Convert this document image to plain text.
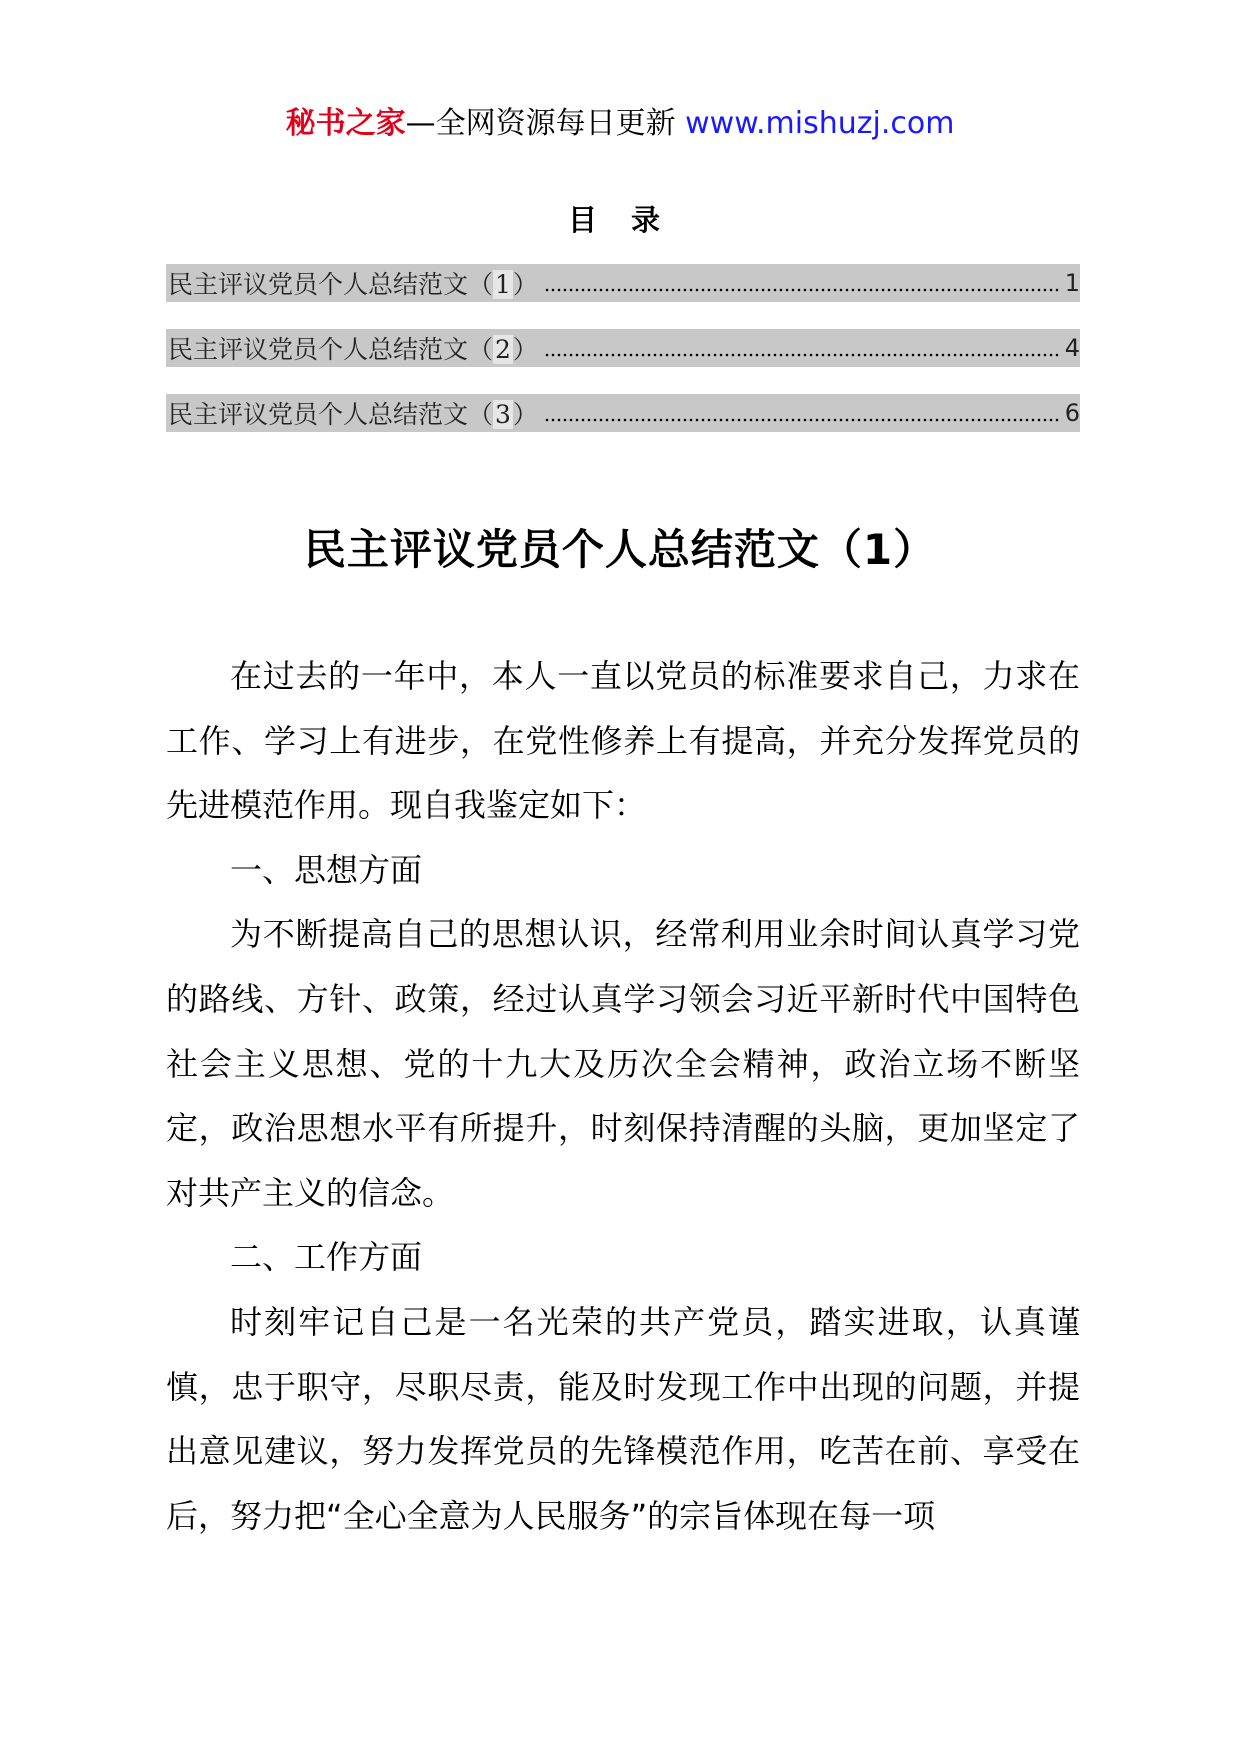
秘书之家—全网资源每日更新 www.mishuzj.com
目 录
民主评议党员个人总结范文（1）	1
民主评议党员个人总结范文（2）	4
民主评议党员个人总结范文（3）	6
民主评议党员个人总结范文（1）

在过去的一年中，本人一直以党员的标准要求自己，力求在工作、学习上有进步，在党性修养上有提高，并充分发挥党员的先进模范作用。现自我鉴定如下：

一、思想方面

为不断提高自己的思想认识，经常利用业余时间认真学习党的路线、方针、政策，经过认真学习领会习近平新时代中国特色社会主义思想、党的十九大及历次全会精神，政治立场不断坚定，政治思想水平有所提升，时刻保持清醒的头脑，更加坚定了对共产主义的信念。

二、工作方面

时刻牢记自己是一名光荣的共产党员，踏实进取，认真谨慎，忠于职守，尽职尽责，能及时发现工作中出现的问题，并提出意见建议，努力发挥党员的先锋模范作用，吃苦在前、享受在后，努力把“全心全意为人民服务”的宗旨体现在每一项
